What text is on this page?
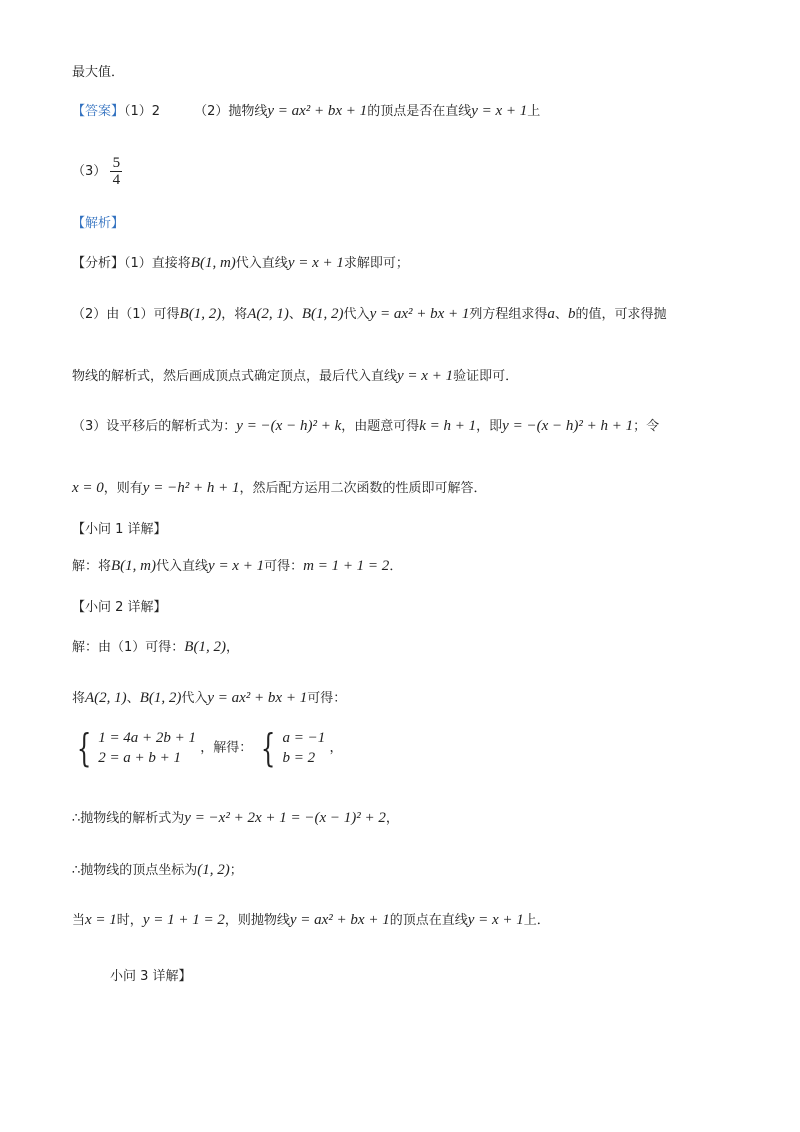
最大值．
【答案】（1）2	（2）抛物线y = ax² + bx + 1的顶点是否在直线y = x + 1上
$(3) \frac{5}{4}$
【解析】
【分析】（1）直接将B(1, m)代入直线y = x + 1求解即可；
（2）由（1）可得B(1, 2)，将A(2, 1)、B(1, 2)代入y = ax² + bx + 1列方程组求得a、b的值，可求得抛
物线的解析式，然后画成顶点式确定顶点，最后代入直线y = x + 1验证即可．
（3）设平移后的解析式为：y = −(x − h)² + k，由题意可得k = h + 1，即y = −(x − h)² + h + 1；令
x = 0，则有y = −h² + h + 1，然后配方运用二次函数的性质即可解答．
【小问 1 详解】
解：将B(1, m)代入直线y = x + 1可得：m = 1 + 1 = 2．
【小问 2 详解】
解：由（1）可得：B(1, 2)，
将A(2, 1)、B(1, 2)代入y = ax² + bx + 1可得：
{ 1 = 4a + 2b + 1
2 = a + b + 1
，解得： { a = −1
b = 2
，
∴抛物线的解析式为y = −x² + 2x + 1 = −(x − 1)² + 2，
∴抛物线的顶点坐标为(1, 2)；
当x = 1时，y = 1 + 1 = 2，则抛物线y = ax² + bx + 1的顶点在直线y = x + 1上．
小问 3 详解】
